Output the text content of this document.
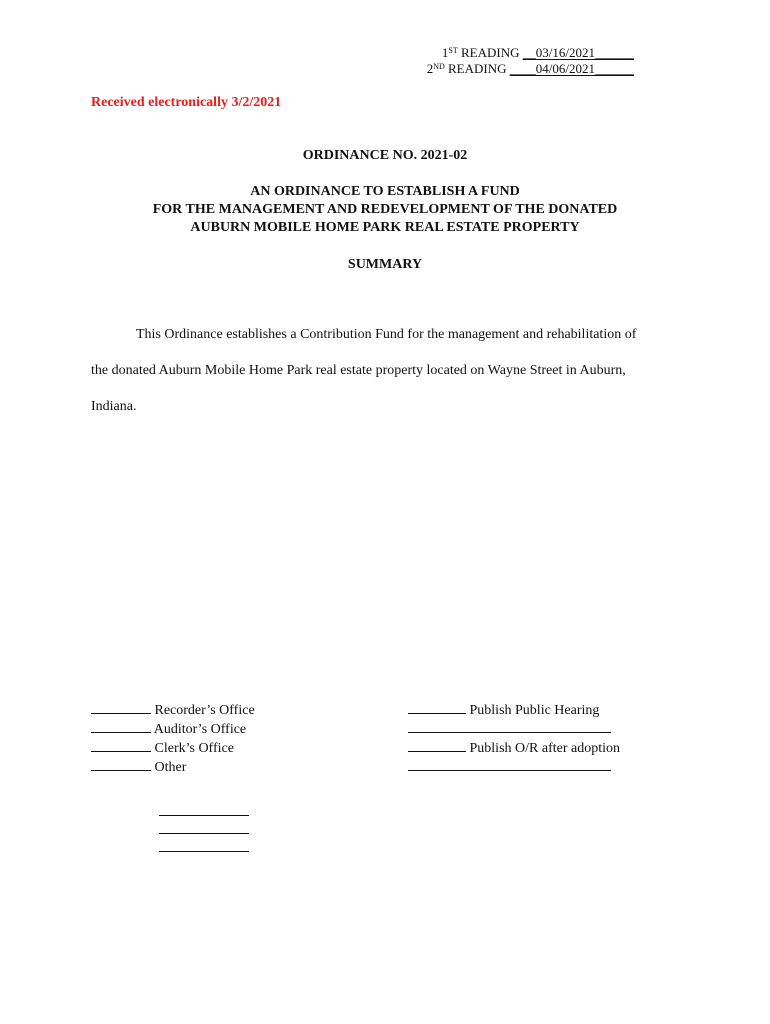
1ST READING __03/16/2021______
2ND READING ____04/06/2021______
Received electronically 3/2/2021
ORDINANCE NO. 2021-02
AN ORDINANCE TO ESTABLISH A FUND
FOR THE MANAGEMENT AND REDEVELOPMENT OF THE DONATED
AUBURN MOBILE HOME PARK REAL ESTATE PROPERTY
SUMMARY
This Ordinance establishes a Contribution Fund for the management and rehabilitation of
the donated Auburn Mobile Home Park real estate property located on Wayne Street in Auburn,
Indiana.
Recorder’s Office
Auditor’s Office
Clerk’s Office
Other
Publish Public Hearing
Publish O/R after adoption
